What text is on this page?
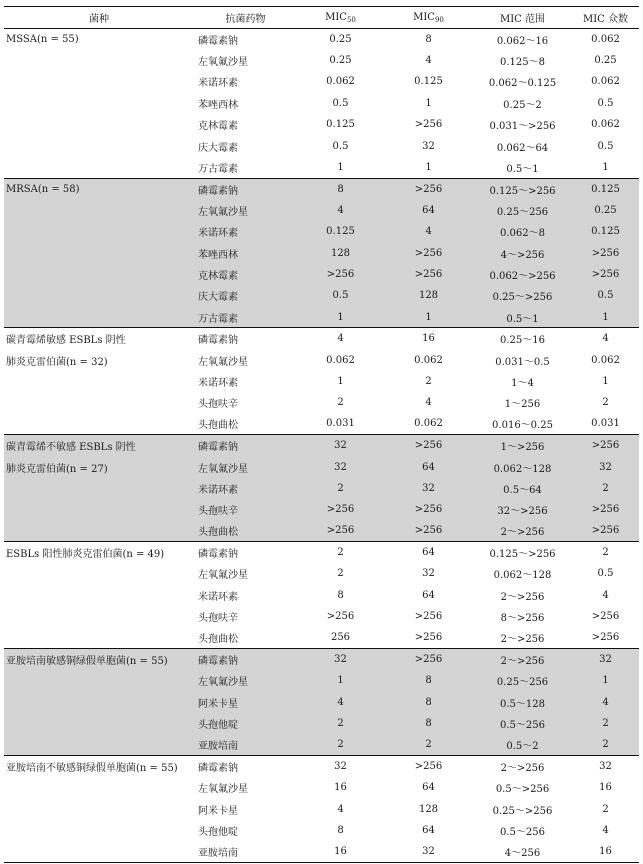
菌种	抗菌药物	$MIC_{50}$	$MIC_{90}$	MIC 范围	MIC 众数
MSSA(n = 55)	磷霉素钠	0.25	8	0.062～16	0.062
	左氧氟沙星	0.25	4	0.125～8	0.25
	米诺环素	0.062	0.125	0.062～0.125	0.062
	苯唑西林	0.5	1	0.25～2	0.5
	克林霉素	0.125	>256	0.031～>256	0.062
	庆大霉素	0.5	32	0.062～64	0.5
	万古霉素	1	1	0.5～1	1
MRSA(n = 58)	磷霉素钠	8	>256	0.125～>256	0.125
	左氧氟沙星	4	64	0.25～256	0.25
	米诺环素	0.125	4	0.062～8	0.125
	苯唑西林	128	>256	4～>256	>256
	克林霉素	>256	>256	0.062～>256	>256
	庆大霉素	0.5	128	0.25～>256	0.5
	万古霉素	1	1	0.5～1	1
碳青霉烯敏感 ESBLs 阴性	磷霉素钠	4	16	0.25～16	4
肺炎克雷伯菌(n = 32)	左氧氟沙星	0.062	0.062	0.031～0.5	0.062
	米诺环素	1	2	1～4	1
	头孢呋辛	2	4	1～256	2
	头孢曲松	0.031	0.062	0.016～0.25	0.031
碳青霉烯不敏感 ESBLs 阴性	磷霉素钠	32	>256	1～>256	>256
肺炎克雷伯菌(n = 27)	左氧氟沙星	32	64	0.062～128	32
	米诺环素	2	32	0.5～64	2
	头孢呋辛	>256	>256	32～>256	>256
	头孢曲松	>256	>256	2～>256	>256
ESBLs 阳性肺炎克雷伯菌(n = 49)	磷霉素钠	2	64	0.125～>256	2
	左氧氟沙星	2	32	0.062～128	0.5
	米诺环素	8	64	2～>256	4
	头孢呋辛	>256	>256	8～>256	>256
	头孢曲松	256	>256	2～>256	>256
亚胺培南敏感铜绿假单胞菌(n = 55)	磷霉素钠	32	>256	2～>256	32
	左氧氟沙星	1	8	0.25～256	1
	阿米卡星	4	8	0.5～128	4
	头孢他啶	2	8	0.5～256	2
	亚胺培南	2	2	0.5～2	2
亚胺培南不敏感铜绿假单胞菌(n = 55)	磷霉素钠	32	>256	2～>256	32
	左氧氟沙星	16	64	0.5～>256	16
	阿米卡星	4	128	0.25～>256	2
	头孢他啶	8	64	0.5～256	4
	亚胺培南	16	32	4～256	16
